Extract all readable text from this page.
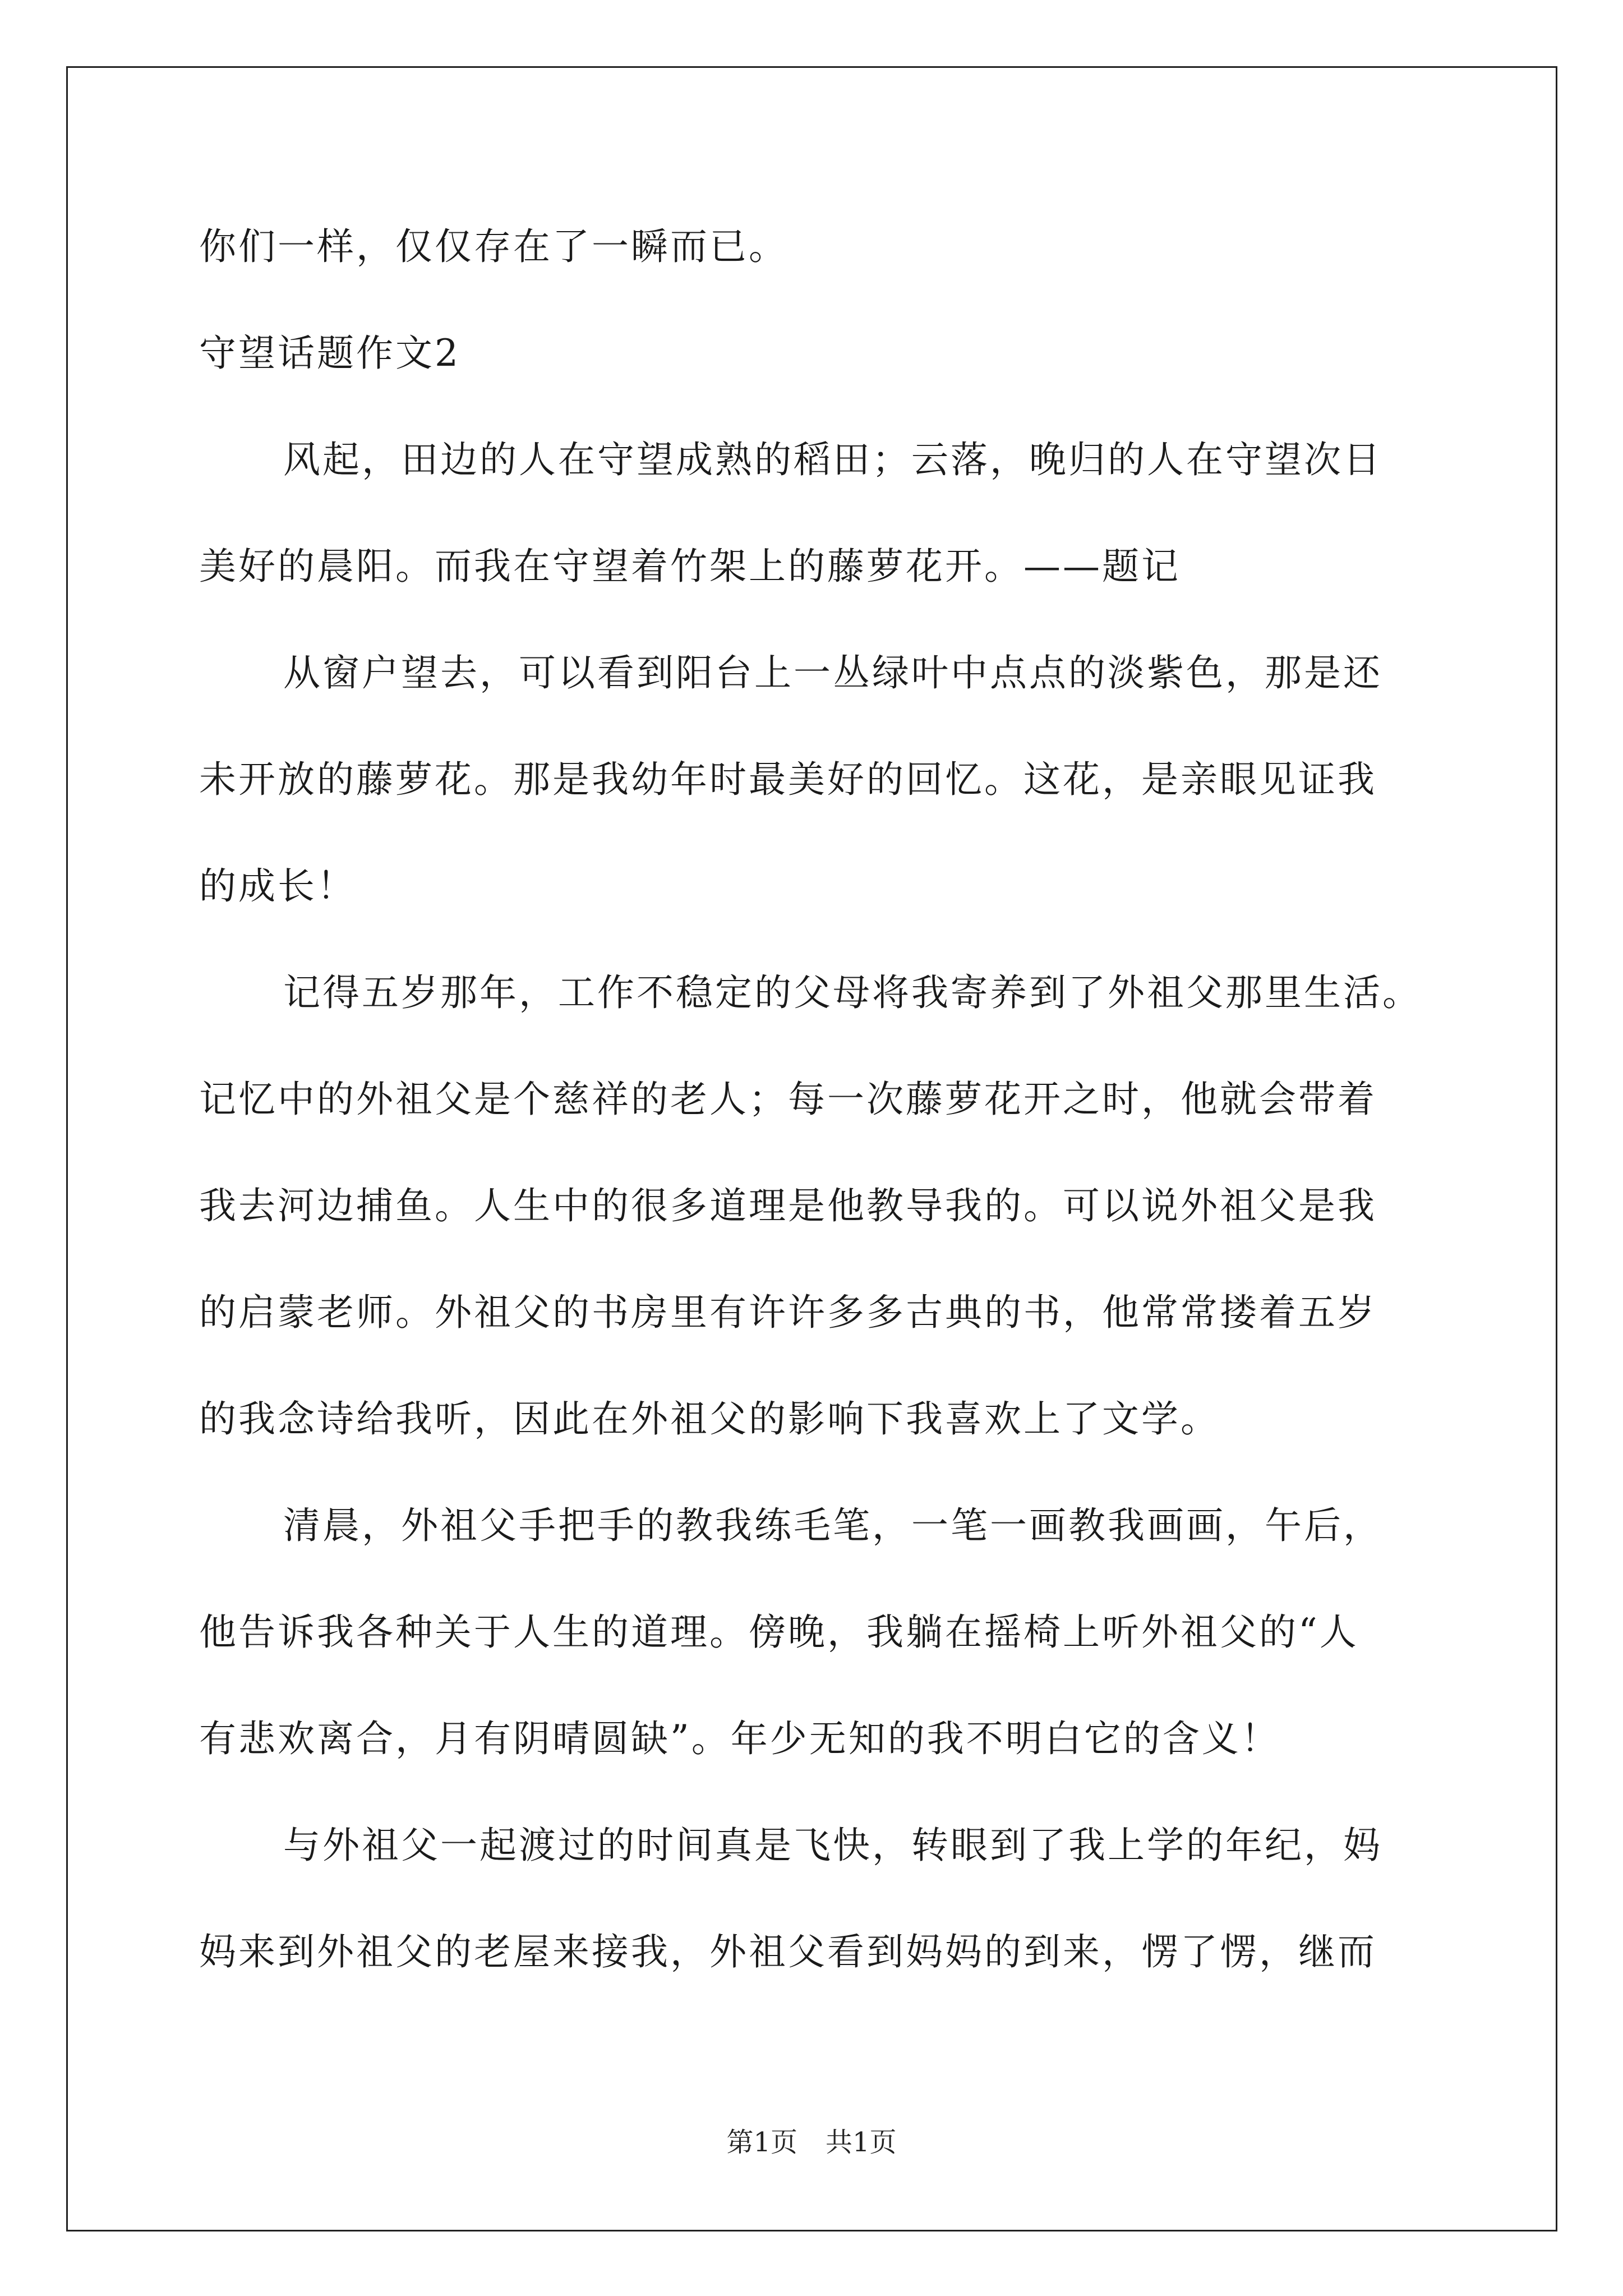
你们一样，仅仅存在了一瞬而已。
守望话题作文2
风起，田边的人在守望成熟的稻田；云落，晚归的人在守望次日
美好的晨阳。而我在守望着竹架上的藤萝花开。——题记
从窗户望去，可以看到阳台上一丛绿叶中点点的淡紫色，那是还
未开放的藤萝花。那是我幼年时最美好的回忆。这花，是亲眼见证我
的成长！
记得五岁那年，工作不稳定的父母将我寄养到了外祖父那里生活。
记忆中的外祖父是个慈祥的老人；每一次藤萝花开之时，他就会带着
我去河边捕鱼。人生中的很多道理是他教导我的。可以说外祖父是我
的启蒙老师。外祖父的书房里有许许多多古典的书，他常常搂着五岁
的我念诗给我听，因此在外祖父的影响下我喜欢上了文学。
清晨，外祖父手把手的教我练毛笔，一笔一画教我画画，午后，
他告诉我各种关于人生的道理。傍晚，我躺在摇椅上听外祖父的“人
有悲欢离合，月有阴晴圆缺”。年少无知的我不明白它的含义！
与外祖父一起渡过的时间真是飞快，转眼到了我上学的年纪，妈
妈来到外祖父的老屋来接我，外祖父看到妈妈的到来，愣了愣，继而
第1页 共1页
